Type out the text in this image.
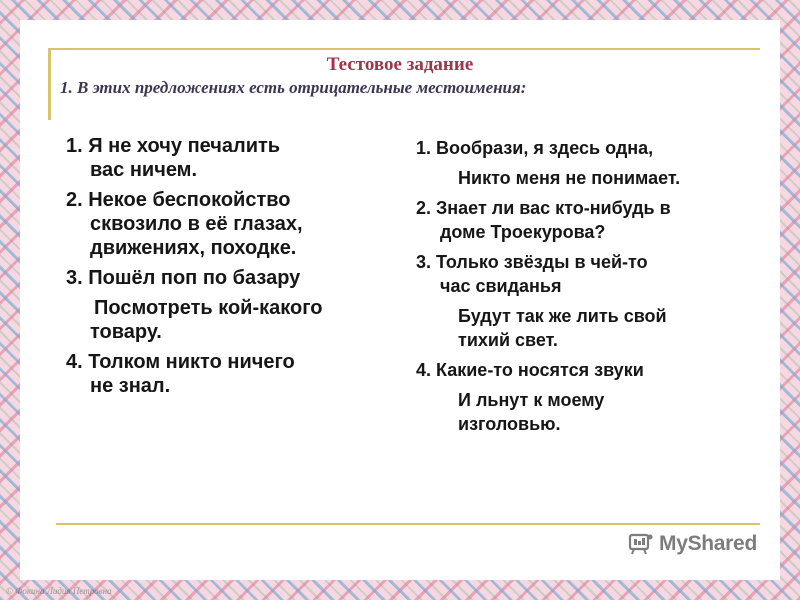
Тестовое задание
1. В этих предложениях есть отрицательные местоимения:
1. Я не хочу печалить
вас ничем.
2. Некое беспокойство
сквозило в её глазах,
движениях, походке.
3. Пошёл поп по базару
Посмотреть кой-какого
товару.
4. Толком никто ничего
не знал.
1. Вообрази, я здесь одна,
Никто меня не понимает.
2. Знает ли вас кто-нибудь в
доме Троекурова?
3. Только звёзды в чей-то
час свиданья
Будут так же лить свой
тихий свет.
4. Какие-то носятся звуки
И льнут к моему
изголовью.
MyShared
© Фокина Лидия Петровна
